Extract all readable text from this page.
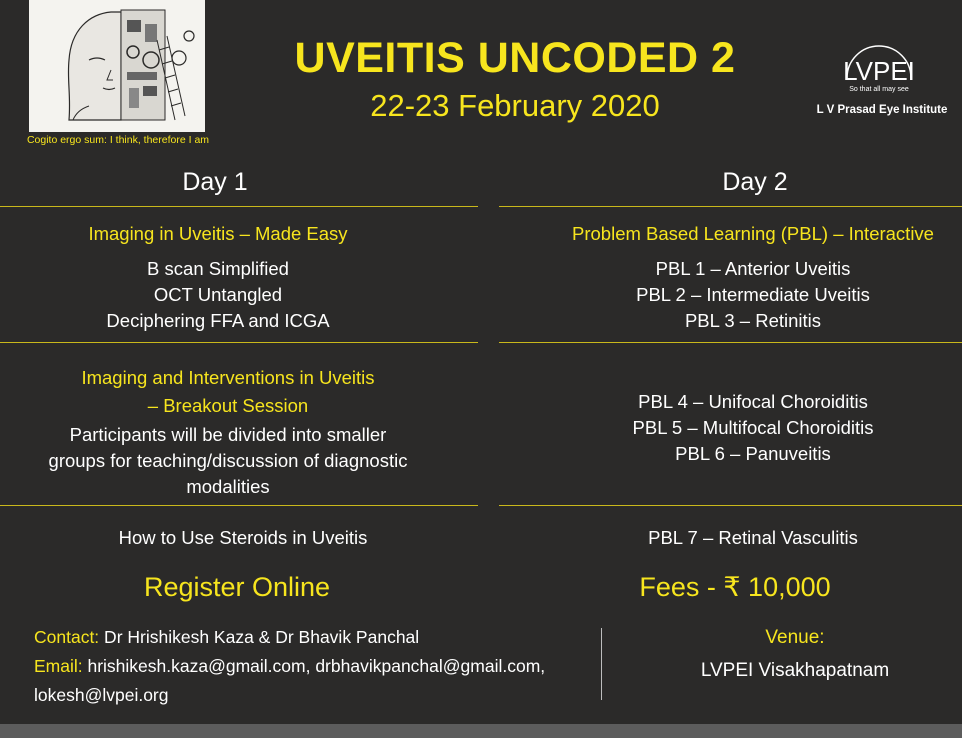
Cogito ergo sum: I think, therefore I am
UVEITIS UNCODED 2
22-23 February 2020
LVPEI
So that all may see
L V Prasad Eye Institute
Day 1	Day 2
Imaging in Uveitis – Made Easy
B scan Simplified
OCT Untangled
Deciphering FFA and ICGA
Imaging and Interventions in Uveitis
– Breakout Session
Participants will be divided into smaller
groups for teaching/discussion of diagnostic
modalities
How to Use Steroids in Uveitis
Problem Based Learning (PBL) – Interactive
PBL 1 – Anterior Uveitis
PBL 2 – Intermediate Uveitis
PBL 3 – Retinitis
PBL 4 – Unifocal Choroiditis
PBL 5 – Multifocal Choroiditis
PBL 6 – Panuveitis
PBL 7 – Retinal Vasculitis
Register Online	Fees - ₹ 10,000
Contact: Dr Hrishikesh Kaza & Dr Bhavik Panchal
Email: hrishikesh.kaza@gmail.com, drbhavikpanchal@gmail.com,
lokesh@lvpei.org
Venue:
LVPEI Visakhapatnam
